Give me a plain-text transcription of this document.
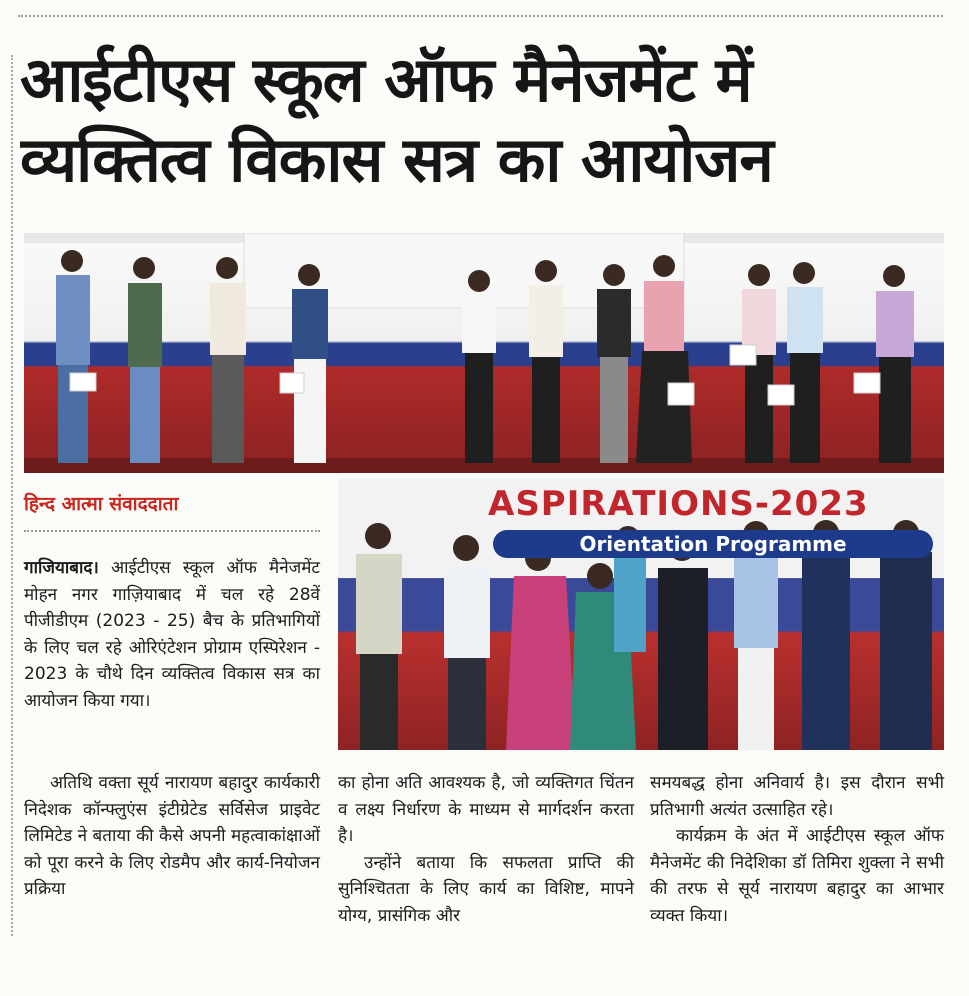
आईटीएस स्कूल ऑफ मैनेजमेंट में
व्यक्तित्व विकास सत्र का आयोजन
हिन्द आत्मा संवाददाता

गाजियाबाद। आईटीएस स्कूल ऑफ मैनेजमेंट मोहन नगर गाज़ियाबाद में चल रहे 28वें पीजीडीएम (2023 - 25) बैच के प्रतिभागियों के लिए चल रहे ओरिएंटेशन प्रोग्राम एस्पिरेशन - 2023 के चौथे दिन व्यक्तित्व विकास सत्र का आयोजन किया गया।

ASPIRATIONS-2023
Orientation Programme

अतिथि वक्ता सूर्य नारायण बहादुर कार्यकारी निदेशक कॉन्फ्लुएंस इंटीग्रेटेड सर्विसेज प्राइवेट लिमिटेड ने बताया की कैसे अपनी महत्वाकांक्षाओं को पूरा करने के लिए रोडमैप और कार्य-नियोजन प्रक्रिया

का होना अति आवश्यक है, जो व्यक्तिगत चिंतन व लक्ष्य निर्धारण के माध्यम से मार्गदर्शन करता है।

उन्होंने बताया कि सफलता प्राप्ति की सुनिश्चितता के लिए कार्य का विशिष्ट, मापने योग्य, प्रासंगिक और

समयबद्ध होना अनिवार्य है। इस दौरान सभी प्रतिभागी अत्यंत उत्साहित रहे।

कार्यक्रम के अंत में आईटीएस स्कूल ऑफ मैनेजमेंट की निदेशिका डॉ तिमिरा शुक्ला ने सभी की तरफ से सूर्य नारायण बहादुर का आभार व्यक्त किया।
